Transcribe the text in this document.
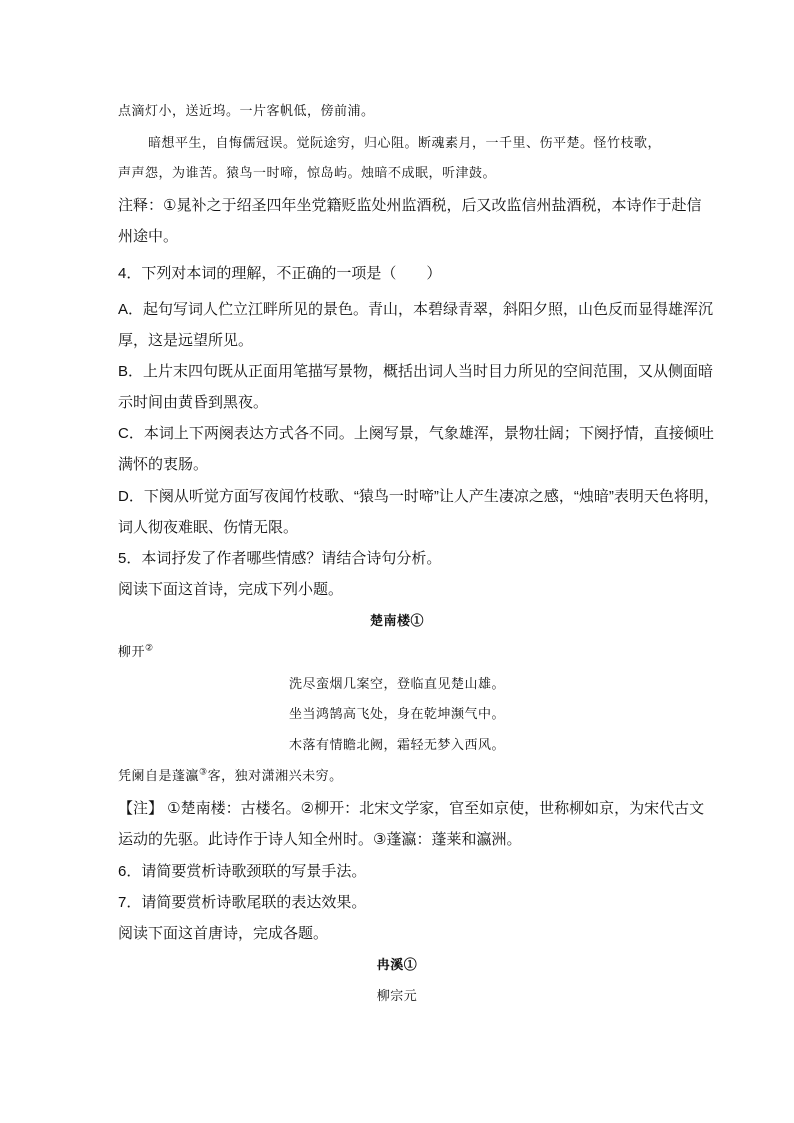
点滴灯小，送近坞。一片客帆低，傍前浦。
暗想平生，自悔儒冠误。觉阮途穷，归心阻。断魂素月，一千里、伤平楚。怪竹枝歌，
声声怨，为谁苦。猿鸟一时啼，惊岛屿。烛暗不成眠，听津鼓。
注释：①晁补之于绍圣四年坐党籍贬监处州监酒税，后又改监信州盐酒税，本诗作于赴信
州途中。
4．下列对本词的理解，不正确的一项是（　　）
A．起句写词人伫立江畔所见的景色。青山，本碧绿青翠，斜阳夕照，山色反而显得雄浑沉
厚，这是远望所见。
B．上片末四句既从正面用笔描写景物，概括出词人当时目力所见的空间范围，又从侧面暗
示时间由黄昏到黑夜。
C．本词上下两阕表达方式各不同。上阕写景，气象雄浑，景物壮阔；下阕抒情，直接倾吐
满怀的衷肠。
D．下阕从听觉方面写夜闻竹枝歌、“猿鸟一时啼”让人产生凄凉之感，“烛暗”表明天色将明，
词人彻夜难眠、伤情无限。
5．本词抒发了作者哪些情感？请结合诗句分析。
阅读下面这首诗，完成下列小题。
楚南楼①
柳开②
洗尽蛮烟几案空，登临直见楚山雄。
坐当鸿鹄高飞处，身在乾坤濒气中。
木落有情瞻北阙，霜轻无梦入西风。
凭阑自是蓬瀛③客，独对潇湘兴未穷。
【注】 ①楚南楼：古楼名。②柳开：北宋文学家，官至如京使，世称柳如京，为宋代古文
运动的先驱。此诗作于诗人知全州时。③蓬瀛：蓬莱和瀛洲。
6．请简要赏析诗歌颈联的写景手法。
7．请简要赏析诗歌尾联的表达效果。
阅读下面这首唐诗，完成各题。
冉溪①
柳宗元
